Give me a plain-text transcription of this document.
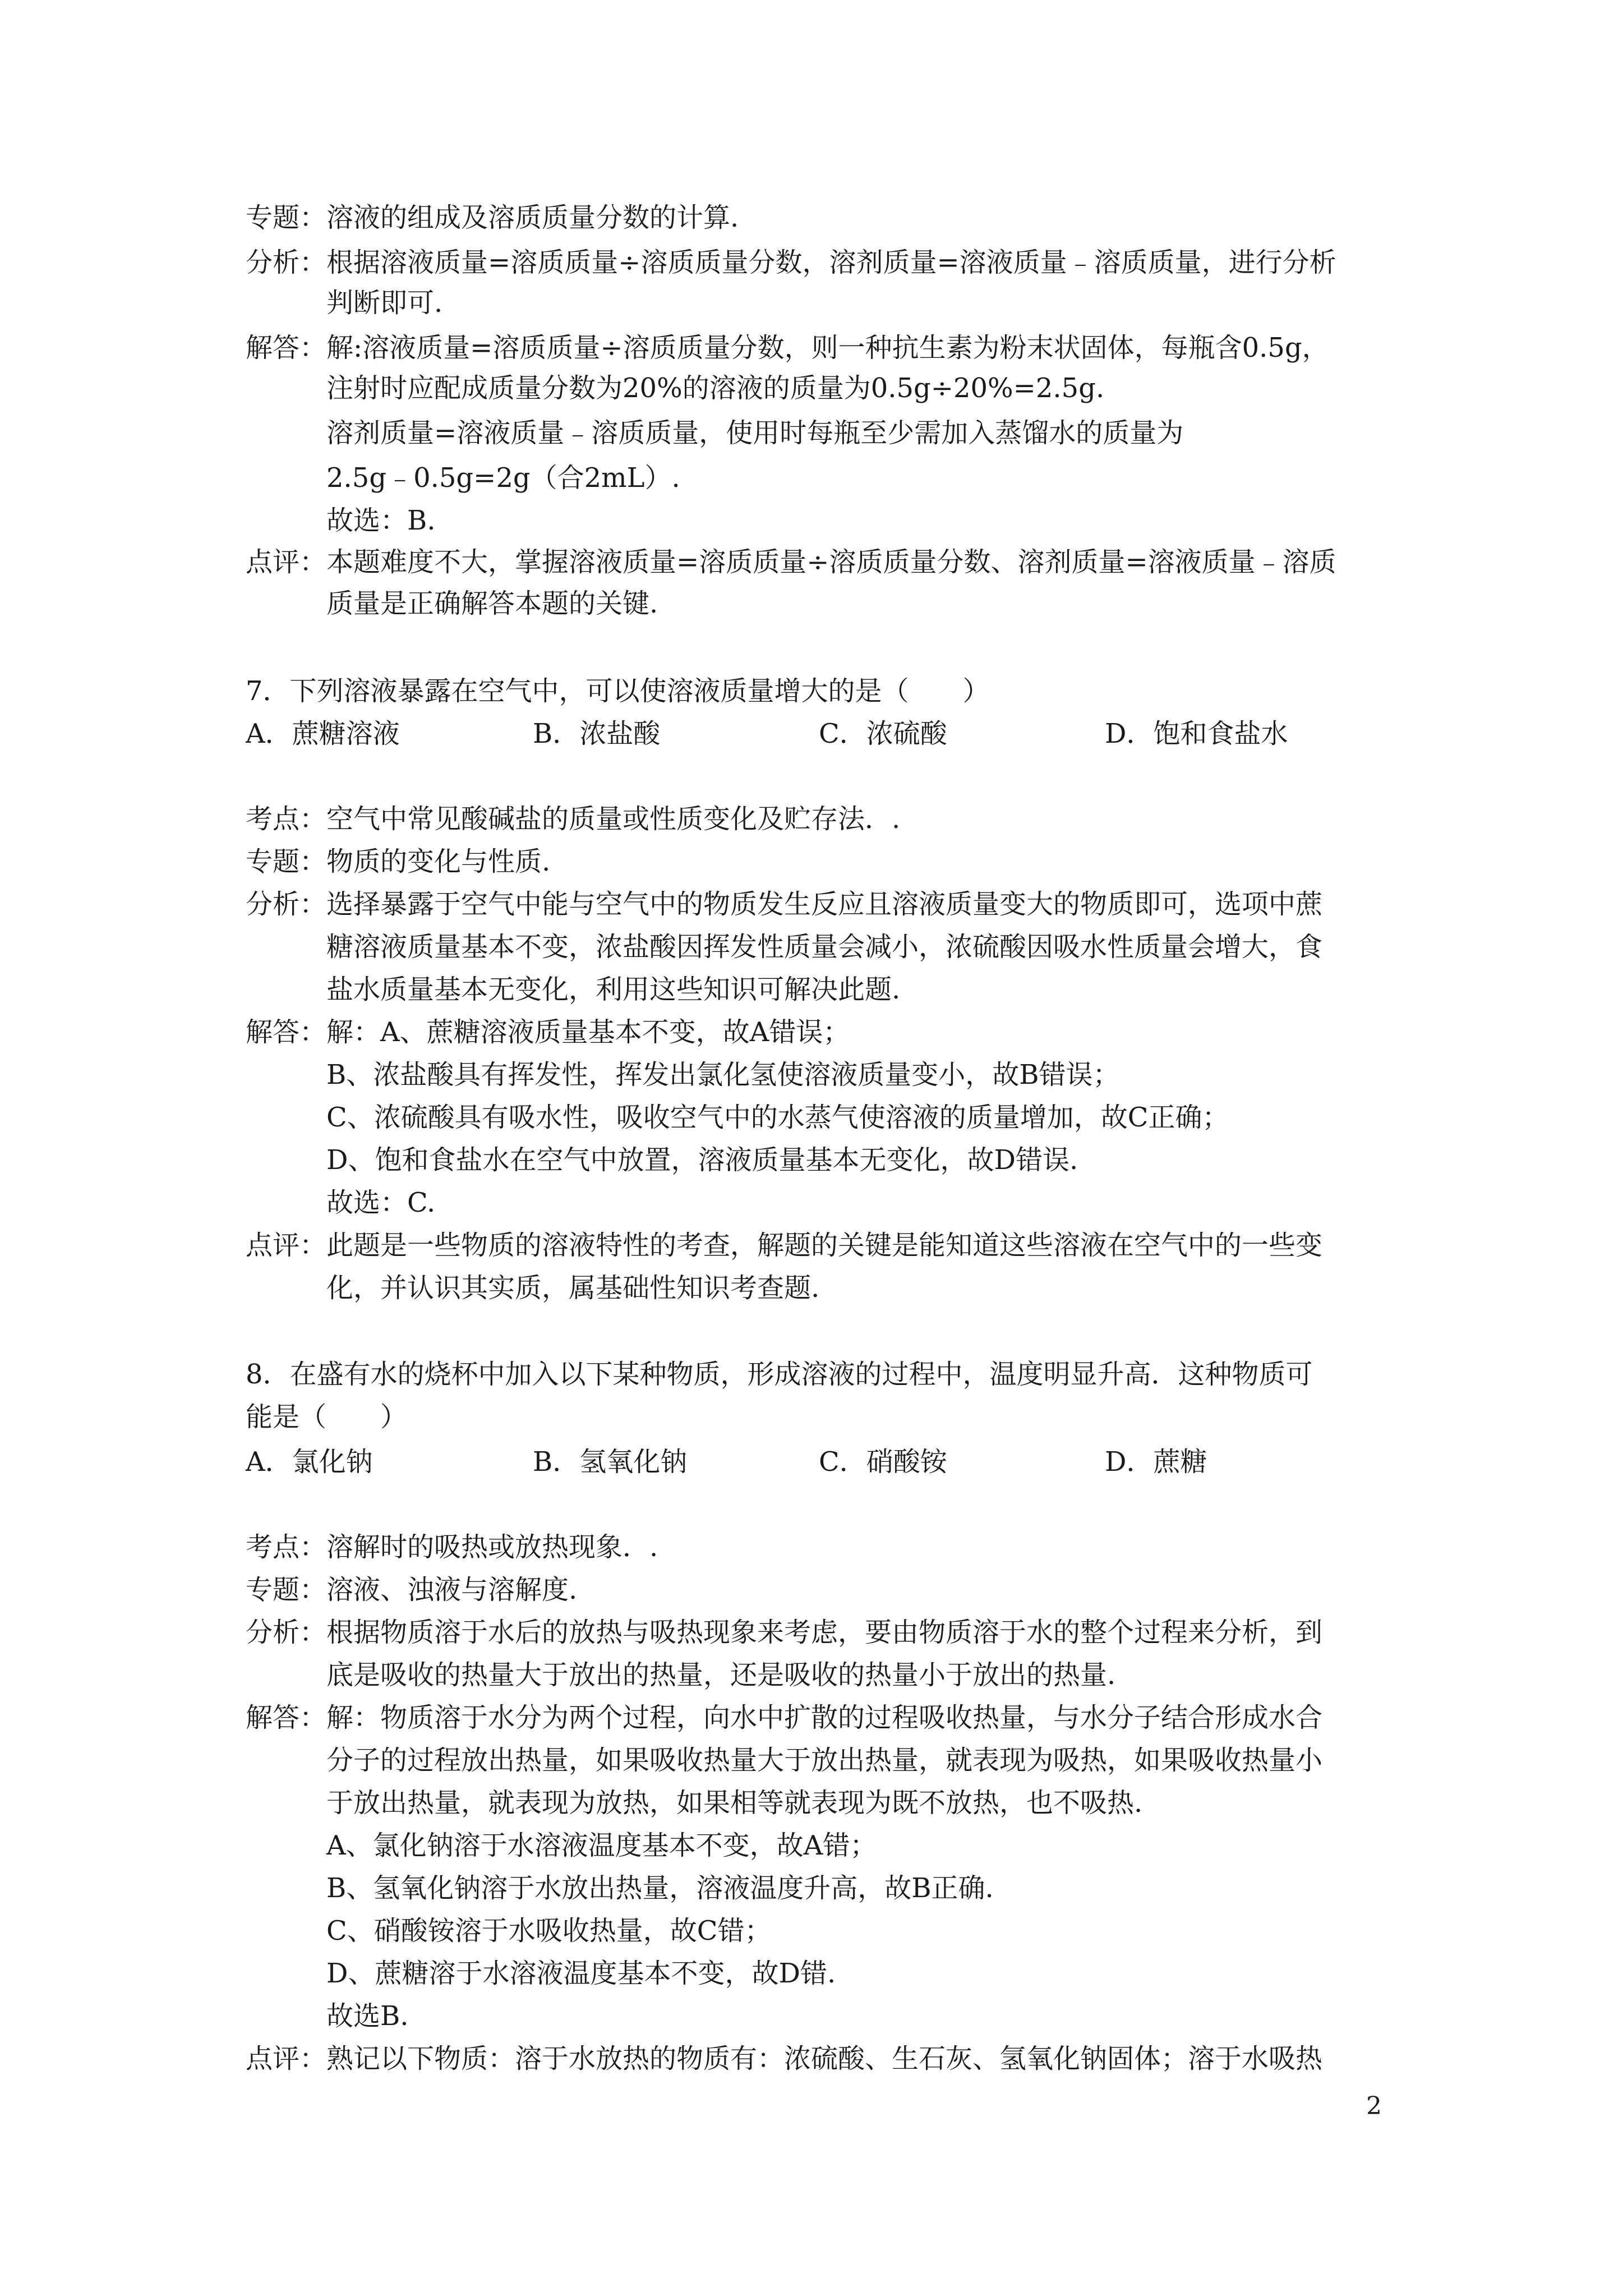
专题：溶液的组成及溶质质量分数的计算.
分析：根据溶液质量=溶质质量÷溶质质量分数，溶剂质量=溶液质量﹣溶质质量，进行分析
判断即可.
解答：解:溶液质量=溶质质量÷溶质质量分数，则一种抗生素为粉末状固体，每瓶含0.5g，
注射时应配成质量分数为20%的溶液的质量为0.5g÷20%=2.5g.
溶剂质量=溶液质量﹣溶质质量，使用时每瓶至少需加入蒸馏水的质量为
2.5g﹣0.5g=2g（合2mL）.
故选：B.
点评：本题难度不大，掌握溶液质量=溶质质量÷溶质质量分数、溶剂质量=溶液质量﹣溶质
质量是正确解答本题的关键.
7．下列溶液暴露在空气中，可以使溶液质量增大的是（　　）
A．蔗糖溶液	B．浓盐酸	C．浓硫酸	D．饱和食盐水
考点：空气中常见酸碱盐的质量或性质变化及贮存法．.
专题：物质的变化与性质.
分析：选择暴露于空气中能与空气中的物质发生反应且溶液质量变大的物质即可，选项中蔗
糖溶液质量基本不变，浓盐酸因挥发性质量会减小，浓硫酸因吸水性质量会增大，食
盐水质量基本无变化，利用这些知识可解决此题.
解答：解：A、蔗糖溶液质量基本不变，故A错误；
B、浓盐酸具有挥发性，挥发出氯化氢使溶液质量变小，故B错误；
C、浓硫酸具有吸水性，吸收空气中的水蒸气使溶液的质量增加，故C正确；
D、饱和食盐水在空气中放置，溶液质量基本无变化，故D错误.
故选：C.
点评：此题是一些物质的溶液特性的考查，解题的关键是能知道这些溶液在空气中的一些变
化，并认识其实质，属基础性知识考查题.
8．在盛有水的烧杯中加入以下某种物质，形成溶液的过程中，温度明显升高．这种物质可
能是（　　）
A．氯化钠	B．氢氧化钠	C．硝酸铵	D．蔗糖
考点：溶解时的吸热或放热现象．.
专题：溶液、浊液与溶解度.
分析：根据物质溶于水后的放热与吸热现象来考虑，要由物质溶于水的整个过程来分析，到
底是吸收的热量大于放出的热量，还是吸收的热量小于放出的热量.
解答：解：物质溶于水分为两个过程，向水中扩散的过程吸收热量，与水分子结合形成水合
分子的过程放出热量，如果吸收热量大于放出热量，就表现为吸热，如果吸收热量小
于放出热量，就表现为放热，如果相等就表现为既不放热，也不吸热.
A、氯化钠溶于水溶液温度基本不变，故A错；
B、氢氧化钠溶于水放出热量，溶液温度升高，故B正确.
C、硝酸铵溶于水吸收热量，故C错；
D、蔗糖溶于水溶液温度基本不变，故D错.
故选B.
点评：熟记以下物质：溶于水放热的物质有：浓硫酸、生石灰、氢氧化钠固体；溶于水吸热
2
